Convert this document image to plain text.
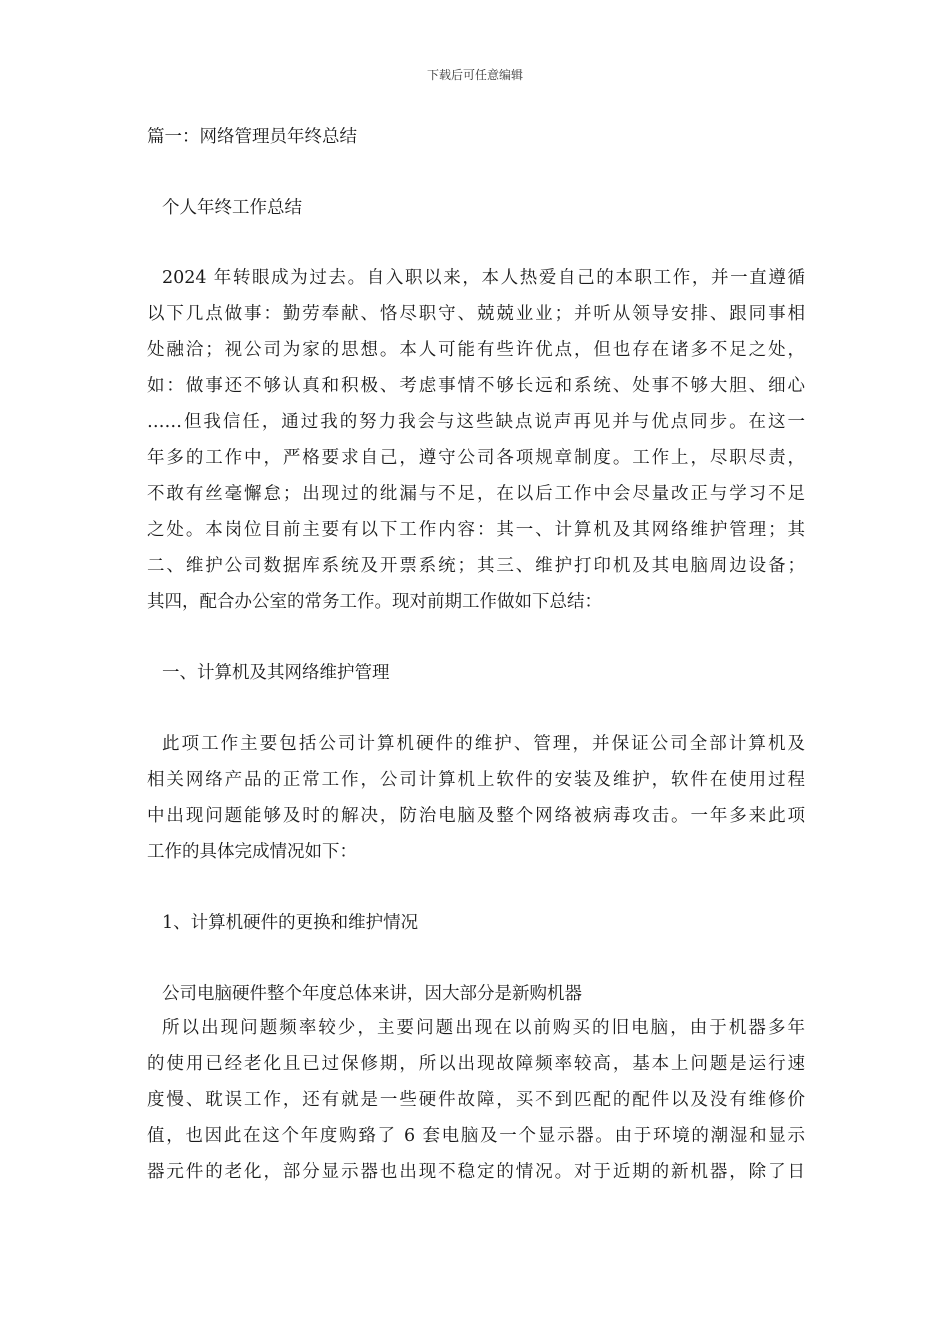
下载后可任意编辑
篇一：网络管理员年终总结
个人年终工作总结
2024 年转眼成为过去。自入职以来，本人热爱自己的本职工作，并一直遵循
以下几点做事：勤劳奉献、恪尽职守、兢兢业业；并听从领导安排、跟同事相
处融洽；视公司为家的思想。本人可能有些许优点，但也存在诸多不足之处，
如：做事还不够认真和积极、考虑事情不够长远和系统、处事不够大胆、细心
……但我信任，通过我的努力我会与这些缺点说声再见并与优点同步。在这一
年多的工作中，严格要求自己，遵守公司各项规章制度。工作上，尽职尽责，
不敢有丝毫懈怠；出现过的纰漏与不足，在以后工作中会尽量改正与学习不足
之处。本岗位目前主要有以下工作内容：其一、计算机及其网络维护管理；其
二、维护公司数据库系统及开票系统；其三、维护打印机及其电脑周边设备；
其四，配合办公室的常务工作。现对前期工作做如下总结：
一、计算机及其网络维护管理
此项工作主要包括公司计算机硬件的维护、管理，并保证公司全部计算机及
相关网络产品的正常工作，公司计算机上软件的安装及维护，软件在使用过程
中出现问题能够及时的解决，防治电脑及整个网络被病毒攻击。一年多来此项
工作的具体完成情况如下：
1、计算机硬件的更换和维护情况
公司电脑硬件整个年度总体来讲，因大部分是新购机器
所以出现问题频率较少，主要问题出现在以前购买的旧电脑，由于机器多年
的使用已经老化且已过保修期，所以出现故障频率较高，基本上问题是运行速
度慢、耽误工作，还有就是一些硬件故障，买不到匹配的配件以及没有维修价
值，也因此在这个年度购臵了 6 套电脑及一个显示器。由于环境的潮湿和显示
器元件的老化，部分显示器也出现不稳定的情况。对于近期的新机器，除了日
